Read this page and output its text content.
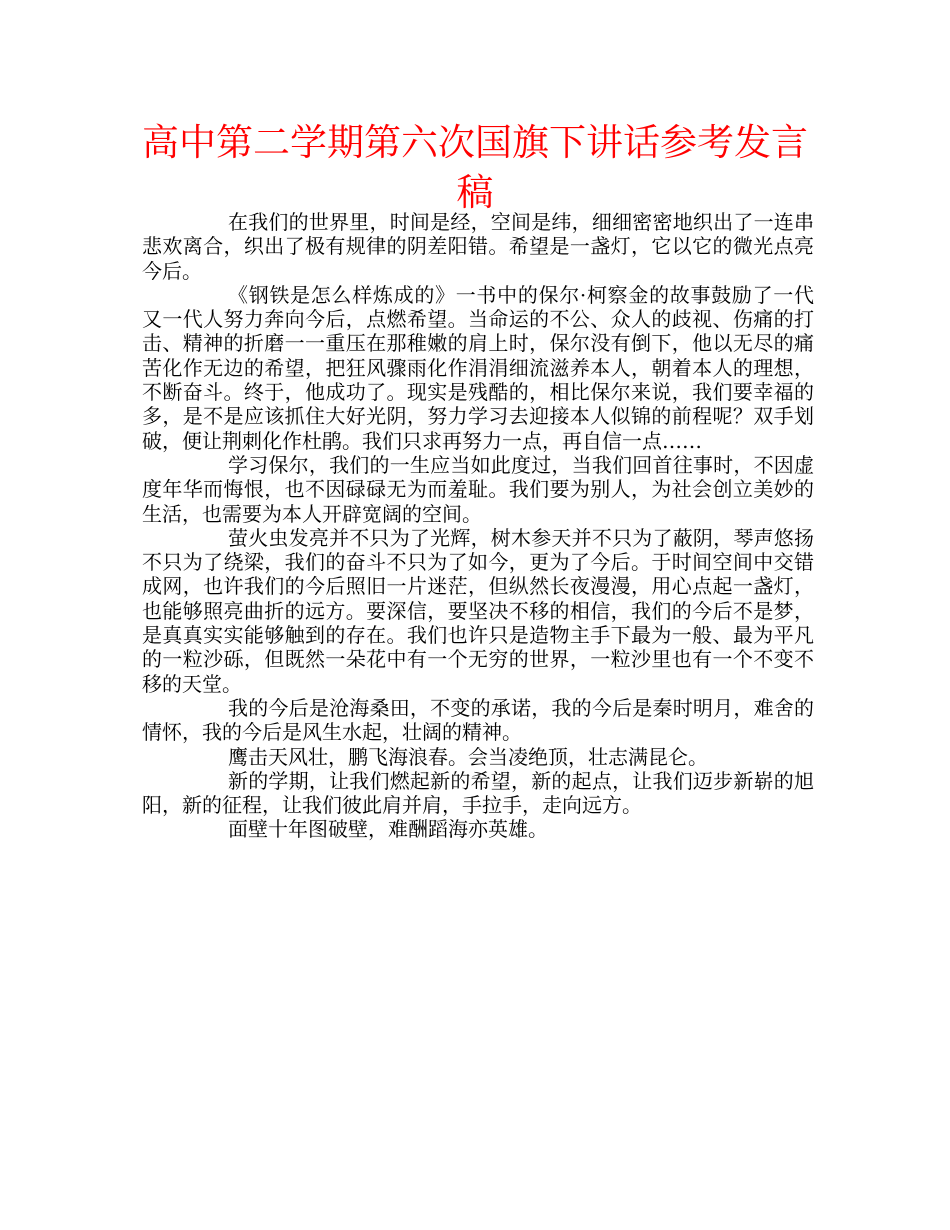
高中第二学期第六次国旗下讲话参考发言稿

在我们的世界里，时间是经，空间是纬，细细密密地织出了一连串悲欢离合，织出了极有规律的阴差阳错。希望是一盏灯，它以它的微光点亮今后。

《钢铁是怎么样炼成的》一书中的保尔·柯察金的故事鼓励了一代又一代人努力奔向今后，点燃希望。当命运的不公、众人的歧视、伤痛的打击、精神的折磨一一重压在那稚嫩的肩上时，保尔没有倒下，他以无尽的痛苦化作无边的希望，把狂风骤雨化作涓涓细流滋养本人，朝着本人的理想，不断奋斗。终于，他成功了。现实是残酷的，相比保尔来说，我们要幸福的多，是不是应该抓住大好光阴，努力学习去迎接本人似锦的前程呢？双手划破，便让荆刺化作杜鹃。我们只求再努力一点，再自信一点……

学习保尔，我们的一生应当如此度过，当我们回首往事时，不因虚度年华而悔恨，也不因碌碌无为而羞耻。我们要为别人，为社会创立美妙的生活，也需要为本人开辟宽阔的空间。

萤火虫发亮并不只为了光辉，树木参天并不只为了蔽阴，琴声悠扬不只为了绕梁，我们的奋斗不只为了如今，更为了今后。于时间空间中交错成网，也许我们的今后照旧一片迷茫，但纵然长夜漫漫，用心点起一盏灯，也能够照亮曲折的远方。要深信，要坚决不移的相信，我们的今后不是梦，是真真实实能够触到的存在。我们也许只是造物主手下最为一般、最为平凡的一粒沙砾，但既然一朵花中有一个无穷的世界，一粒沙里也有一个不变不移的天堂。

我的今后是沧海桑田，不变的承诺，我的今后是秦时明月，难舍的情怀，我的今后是风生水起，壮阔的精神。

鹰击天风壮，鹏飞海浪春。会当凌绝顶，壮志满昆仑。

新的学期，让我们燃起新的希望，新的起点，让我们迈步新崭的旭阳，新的征程，让我们彼此肩并肩，手拉手，走向远方。

面壁十年图破壁，难酬蹈海亦英雄。
